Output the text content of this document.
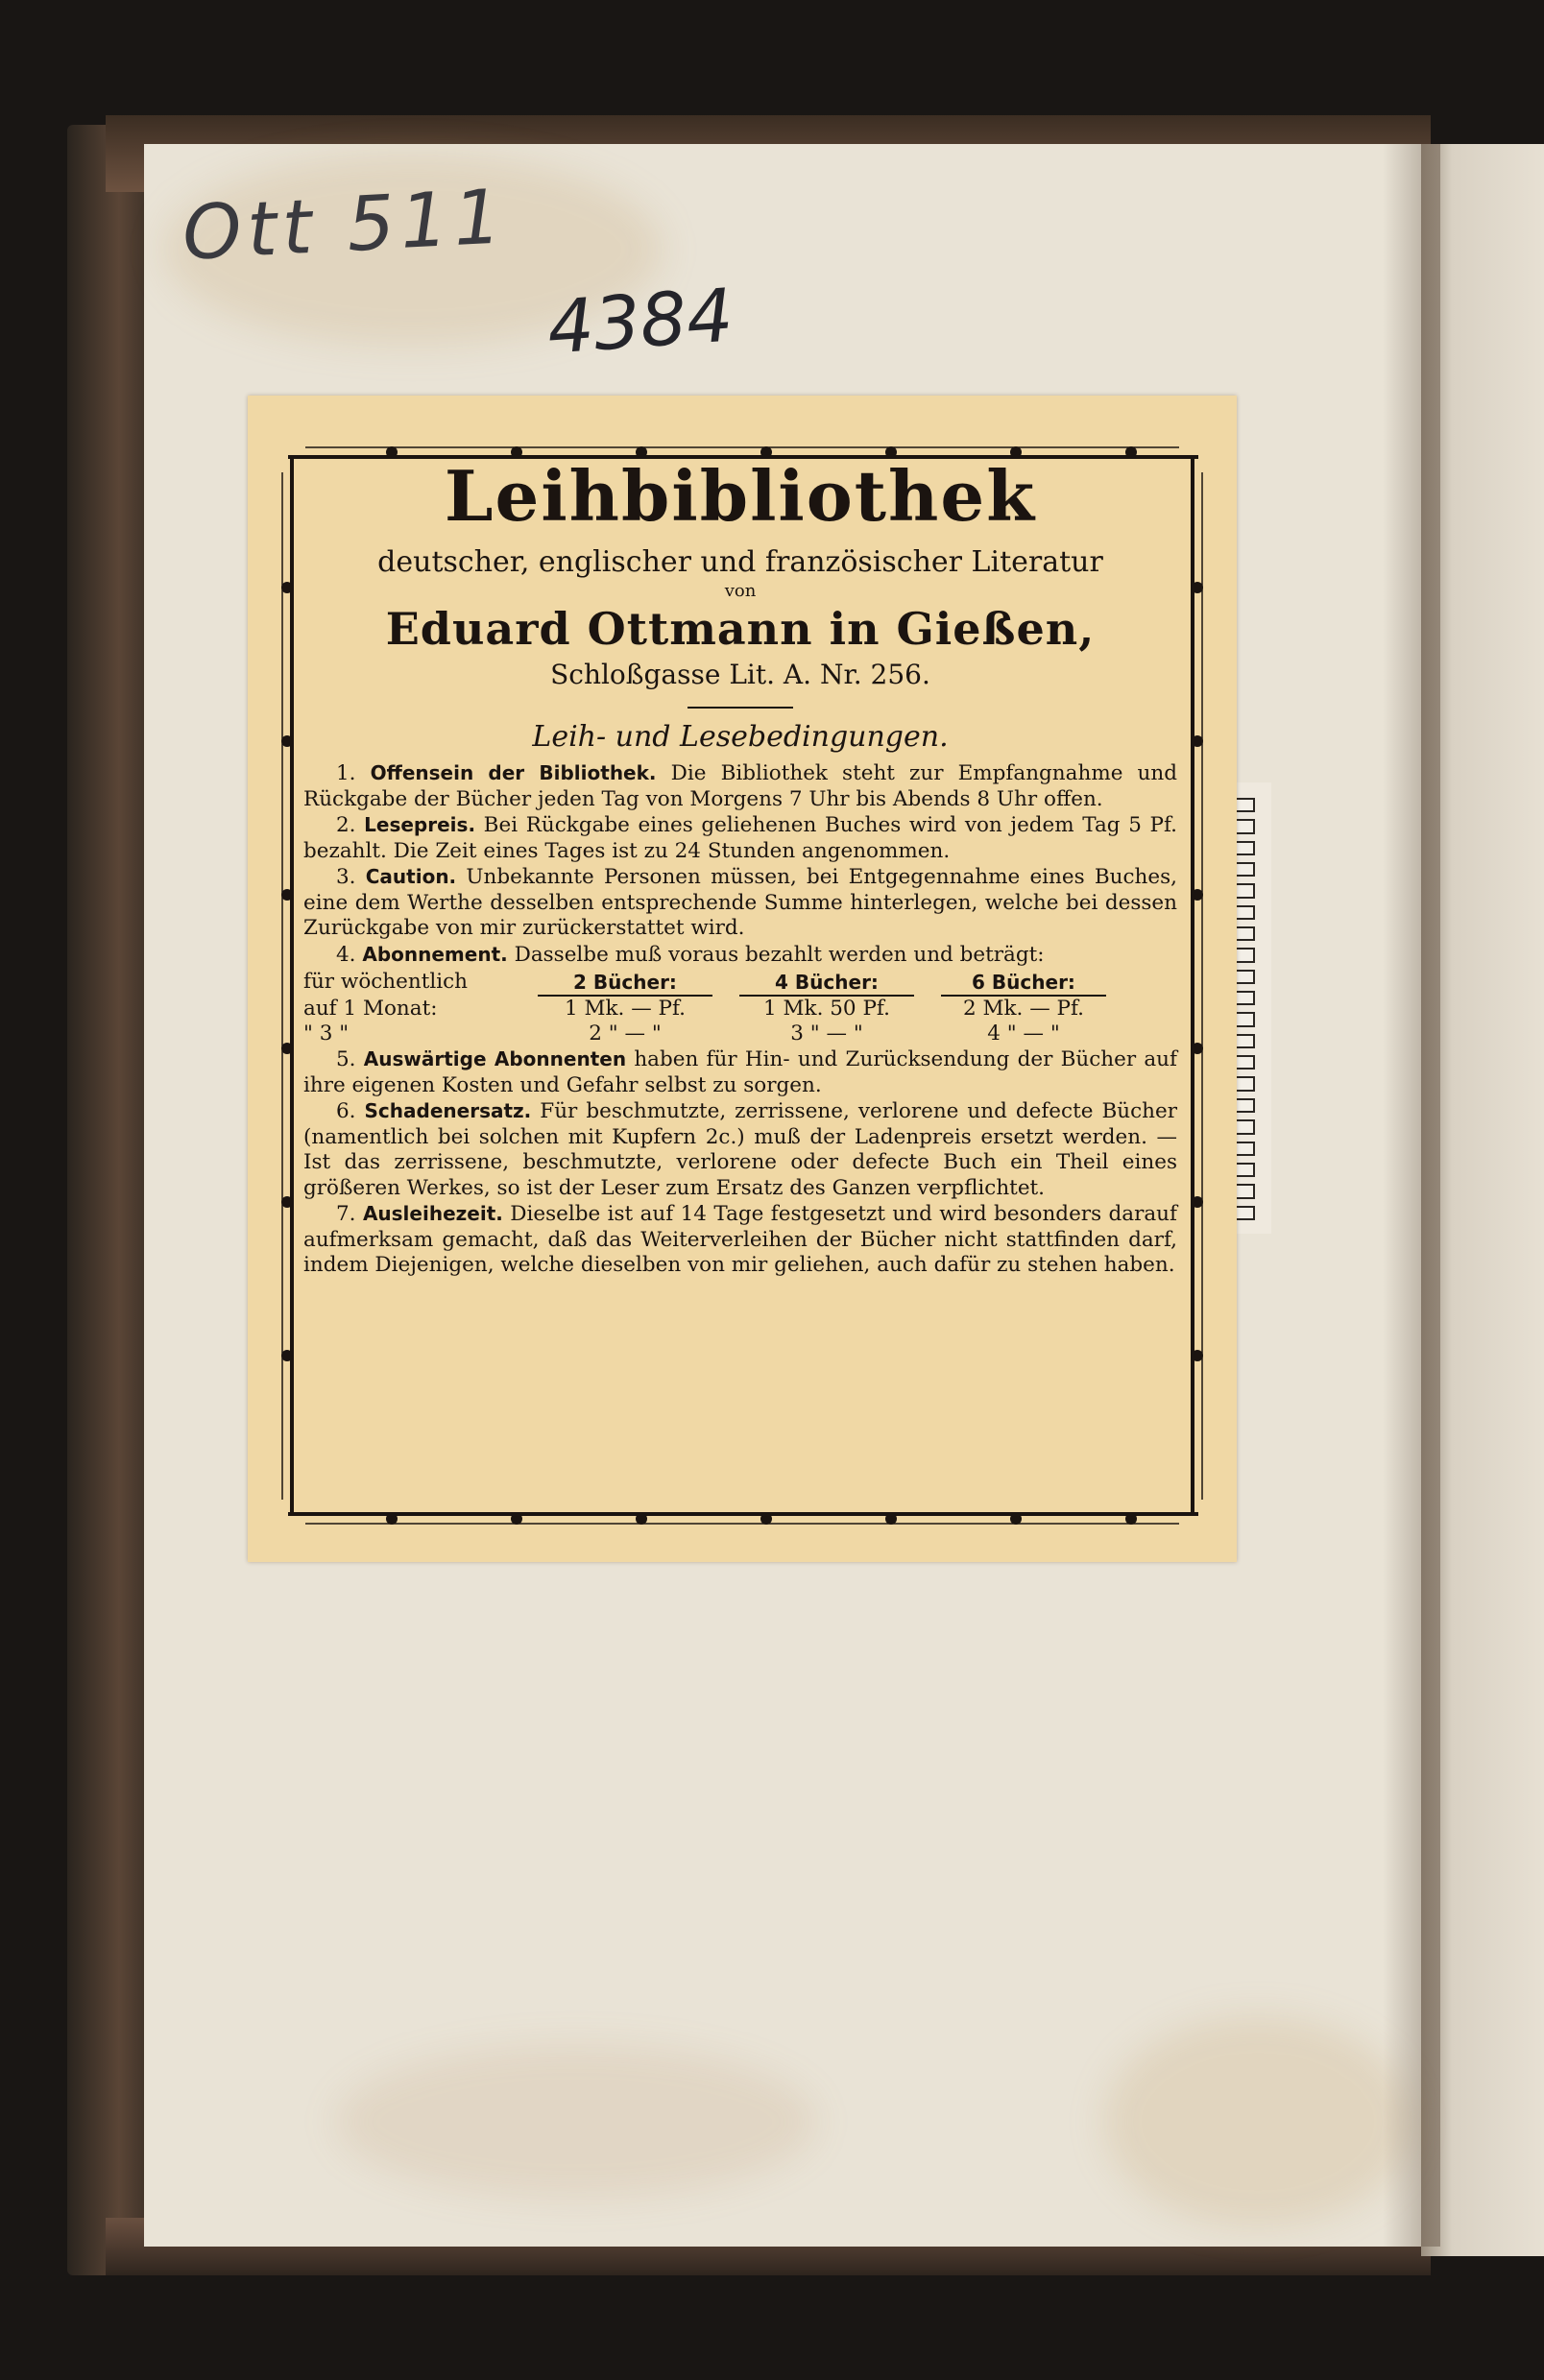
Ott 511
4384
Leihbibliothek
deutscher, englischer und französischer Literatur
von
Eduard Ottmann in Gießen,
Schloßgasse Lit. A. Nr. 256.
Leih- und Lesebedingungen.
1. Offensein der Bibliothek. Die Bibliothek steht zur Empfangnahme und Rückgabe der Bücher jeden Tag von Morgens 7 Uhr bis Abends 8 Uhr offen.
2. Lesepreis. Bei Rückgabe eines geliehenen Buches wird von jedem Tag 5 Pf. bezahlt. Die Zeit eines Tages ist zu 24 Stunden angenommen.
3. Caution. Unbekannte Personen müssen, bei Entgegennahme eines Buches, eine dem Werthe desselben entsprechende Summe hinterlegen, welche bei dessen Zurückgabe von mir zurückerstattet wird.
4. Abonnement. Dasselbe muß voraus bezahlt werden und beträgt:
für wöchentlich	2 Bücher:	4 Bücher:	6 Bücher:
auf 1 Monat:	1 Mk. — Pf.	1 Mk. 50 Pf.	2 Mk. — Pf.
" 3 "	2 " — "	3 " — "	4 " — "
5. Auswärtige Abonnenten haben für Hin- und Zurücksendung der Bücher auf ihre eigenen Kosten und Gefahr selbst zu sorgen.
6. Schadenersatz. Für beschmutzte, zerrissene, verlorene und defecte Bücher (namentlich bei solchen mit Kupfern 2c.) muß der Ladenpreis ersetzt werden. — Ist das zerrissene, beschmutzte, verlorene oder defecte Buch ein Theil eines größeren Werkes, so ist der Leser zum Ersatz des Ganzen verpflichtet.
7. Ausleihezeit. Dieselbe ist auf 14 Tage festgesetzt und wird besonders darauf aufmerksam gemacht, daß das Weiterverleihen der Bücher nicht stattfinden darf, indem Diejenigen, welche dieselben von mir geliehen, auch dafür zu stehen haben.
